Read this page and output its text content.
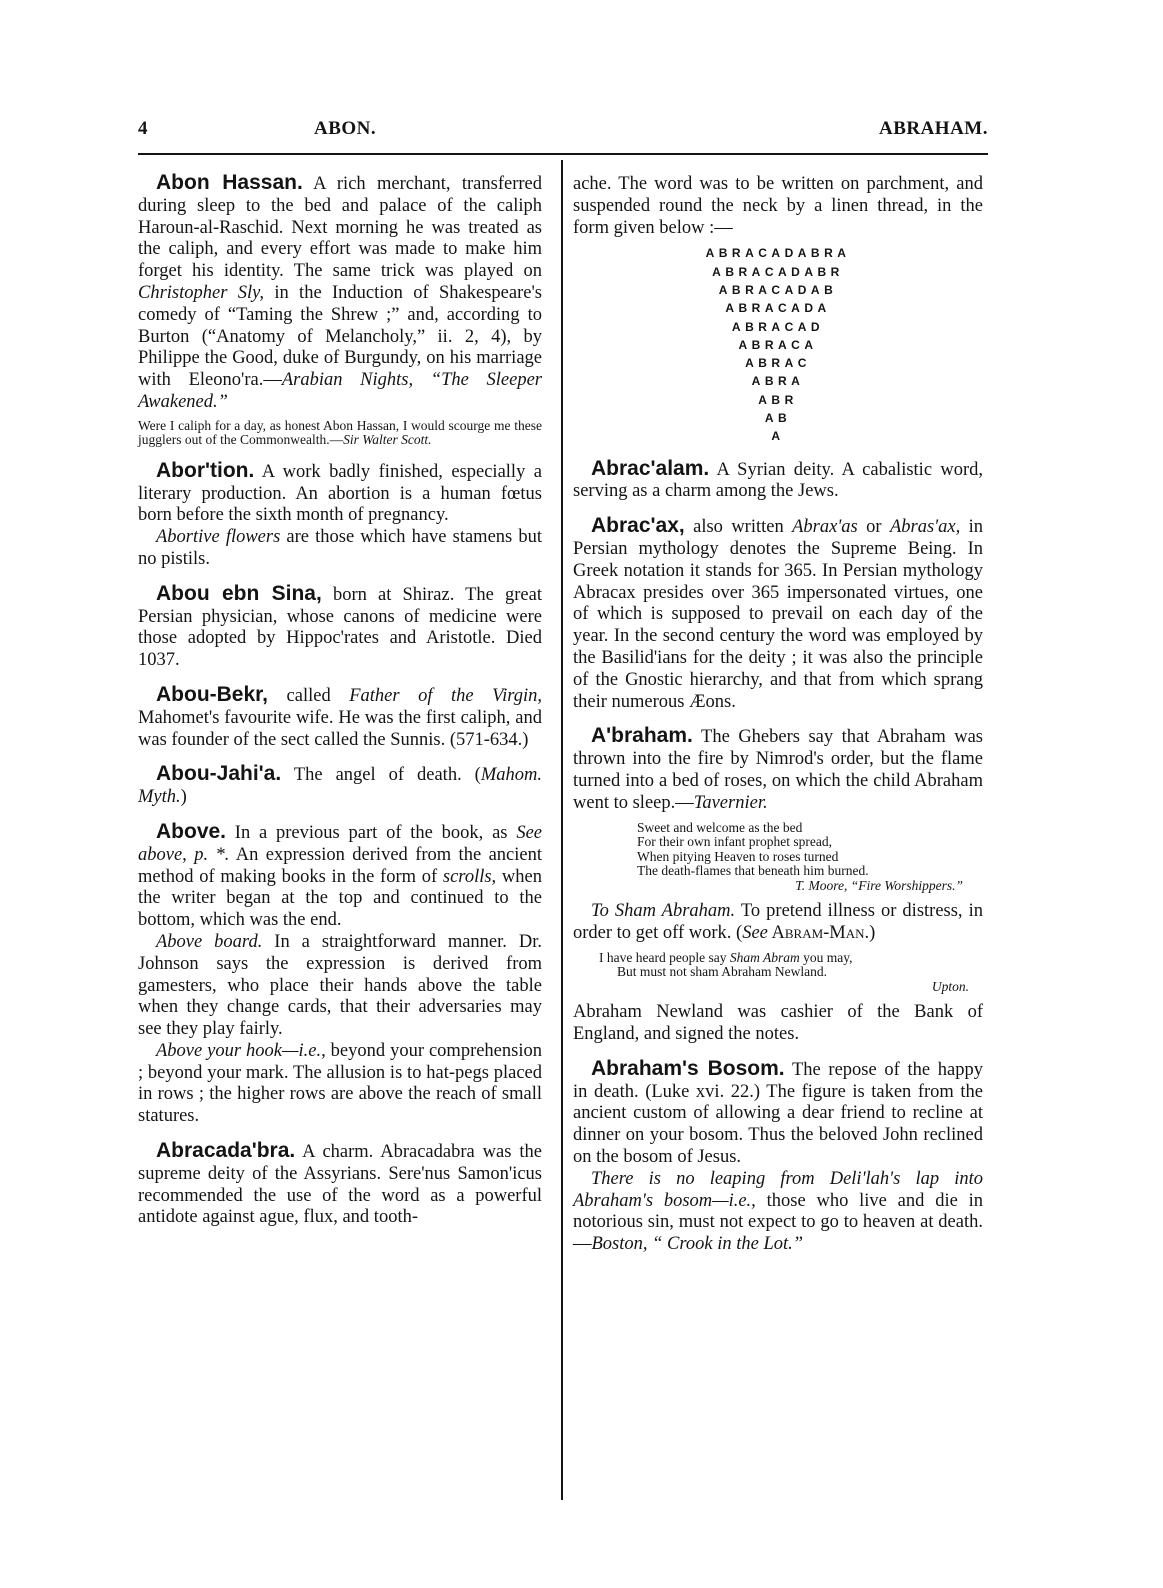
4	ABON.	ABRAHAM.

Abon Hassan. A rich merchant, transferred during sleep to the bed and palace of the caliph Haroun-al-Raschid. Next morning he was treated as the caliph, and every effort was made to make him forget his identity. The same trick was played on Christopher Sly, in the Induction of Shakespeare's comedy of “Taming the Shrew ;” and, according to Burton (“Anatomy of Melancholy,” ii. 2, 4), by Philippe the Good, duke of Burgundy, on his marriage with Eleono'ra.—Arabian Nights, “The Sleeper Awakened.”

Were I caliph for a day, as honest Abon Hassan, I would scourge me these jugglers out of the Commonwealth.—Sir Walter Scott.

Abor'tion. A work badly finished, especially a literary production. An abortion is a human fœtus born before the sixth month of pregnancy.

Abortive flowers are those which have stamens but no pistils.

Abou ebn Sina, born at Shiraz. The great Persian physician, whose canons of medicine were those adopted by Hippoc'rates and Aristotle. Died 1037.

Abou-Bekr, called Father of the Virgin, Mahomet's favourite wife. He was the first caliph, and was founder of the sect called the Sunnis. (571-634.)

Abou-Jahi'a. The angel of death. (Mahom. Myth.)

Above. In a previous part of the book, as See above, p. *. An expression derived from the ancient method of making books in the form of scrolls, when the writer began at the top and continued to the bottom, which was the end.

Above board. In a straightforward manner. Dr. Johnson says the expression is derived from gamesters, who place their hands above the table when they change cards, that their adversaries may see they play fairly.

Above your hook—i.e., beyond your comprehension ; beyond your mark. The allusion is to hat-pegs placed in rows ; the higher rows are above the reach of small statures.

Abracada'bra. A charm. Abracadabra was the supreme deity of the Assyrians. Sere'nus Samon'icus recommended the use of the word as a powerful antidote against ague, flux, and tooth-

ache. The word was to be written on parchment, and suspended round the neck by a linen thread, in the form given below :—

ABRACADABRA
ABRACADABR
ABRACADAB
ABRACADA
ABRACAD
ABRACA
ABRAC
ABRA
ABR
AB
A

Abrac'alam. A Syrian deity. A cabalistic word, serving as a charm among the Jews.

Abrac'ax, also written Abrax'as or Abras'ax, in Persian mythology denotes the Supreme Being. In Greek notation it stands for 365. In Persian mythology Abracax presides over 365 impersonated virtues, one of which is supposed to prevail on each day of the year. In the second century the word was employed by the Basilid'ians for the deity ; it was also the principle of the Gnostic hierarchy, and that from which sprang their numerous Æons.

A'braham. The Ghebers say that Abraham was thrown into the fire by Nimrod's order, but the flame turned into a bed of roses, on which the child Abraham went to sleep.—Tavernier.

Sweet and welcome as the bed
For their own infant prophet spread,
When pitying Heaven to roses turned
The death-flames that beneath him burned.
T. Moore, “Fire Worshippers.”

To Sham Abraham. To pretend illness or distress, in order to get off work. (See Abram-Man.)

I have heard people say Sham Abram you may,
But must not sham Abraham Newland.
Upton.

Abraham Newland was cashier of the Bank of England, and signed the notes.

Abraham's Bosom. The repose of the happy in death. (Luke xvi. 22.) The figure is taken from the ancient custom of allowing a dear friend to recline at dinner on your bosom. Thus the beloved John reclined on the bosom of Jesus.

There is no leaping from Deli'lah's lap into Abraham's bosom—i.e., those who live and die in notorious sin, must not expect to go to heaven at death.—Boston, “ Crook in the Lot.”
